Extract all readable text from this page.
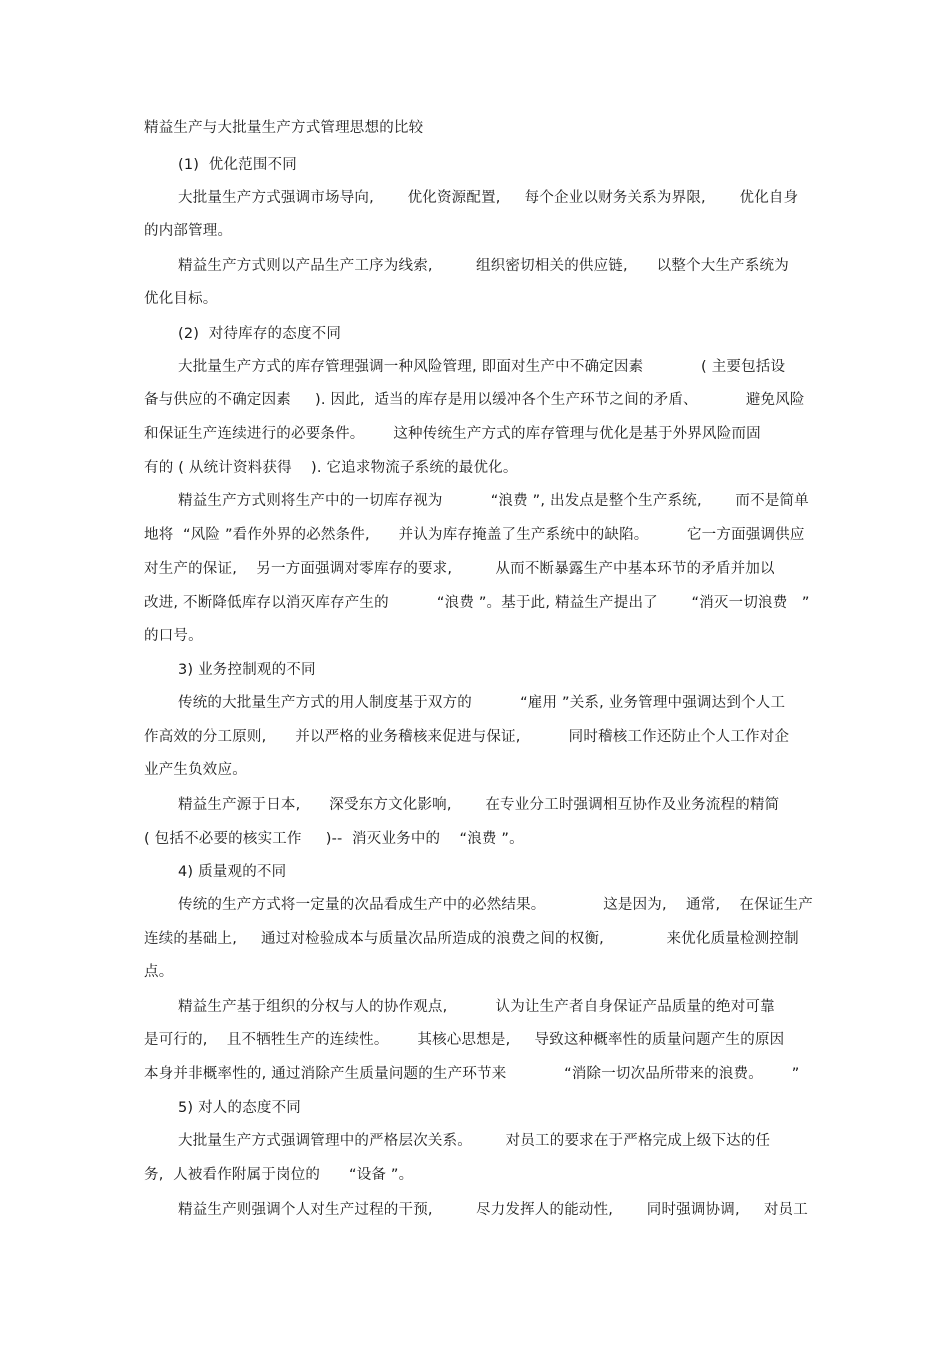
精益生产与大批量生产方式管理思想的比较
(1)  优化范围不同
大批量生产方式强调市场导向,       优化资源配置,     每个企业以财务关系为界限,       优化自身
的内部管理。
精益生产方式则以产品生产工序为线索,         组织密切相关的供应链,      以整个大生产系统为
优化目标。
(2)  对待库存的态度不同
大批量生产方式的库存管理强调一种风险管理, 即面对生产中不确定因素            ( 主要包括设
备与供应的不确定因素     ). 因此,  适当的库存是用以缓冲各个生产环节之间的矛盾、          避免风险
和保证生产连续进行的必要条件。      这种传统生产方式的库存管理与优化是基于外界风险而固
有的 ( 从统计资料获得    ). 它追求物流子系统的最优化。
精益生产方式则将生产中的一切库存视为          “浪费 ”, 出发点是整个生产系统,       而不是简单
地将  “风险 ”看作外界的必然条件,      并认为库存掩盖了生产系统中的缺陷。        它一方面强调供应
对生产的保证,    另一方面强调对零库存的要求,         从而不断暴露生产中基本环节的矛盾并加以
改进, 不断降低库存以消灭库存产生的          “浪费 ”。基于此, 精益生产提出了       “消灭一切浪费   ”
的口号。
3) 业务控制观的不同
传统的大批量生产方式的用人制度基于双方的          “雇用 ”关系, 业务管理中强调达到个人工
作高效的分工原则,      并以严格的业务稽核来促进与保证,          同时稽核工作还防止个人工作对企
业产生负效应。
精益生产源于日本,      深受东方文化影响,       在专业分工时强调相互协作及业务流程的精简
( 包括不必要的核实工作     )--  消灭业务中的    “浪费 ”。
4) 质量观的不同
传统的生产方式将一定量的次品看成生产中的必然结果。            这是因为,    通常,    在保证生产
连续的基础上,     通过对检验成本与质量次品所造成的浪费之间的权衡,             来优化质量检测控制
点。
精益生产基于组织的分权与人的协作观点,          认为让生产者自身保证产品质量的绝对可靠
是可行的,    且不牺牲生产的连续性。      其核心思想是,     导致这种概率性的质量问题产生的原因
本身并非概率性的, 通过消除产生质量问题的生产环节来            “消除一切次品所带来的浪费。      ”
5) 对人的态度不同
大批量生产方式强调管理中的严格层次关系。       对员工的要求在于严格完成上级下达的任
务,  人被看作附属于岗位的      “设备 ”。
精益生产则强调个人对生产过程的干预,         尽力发挥人的能动性,       同时强调协调,     对员工
